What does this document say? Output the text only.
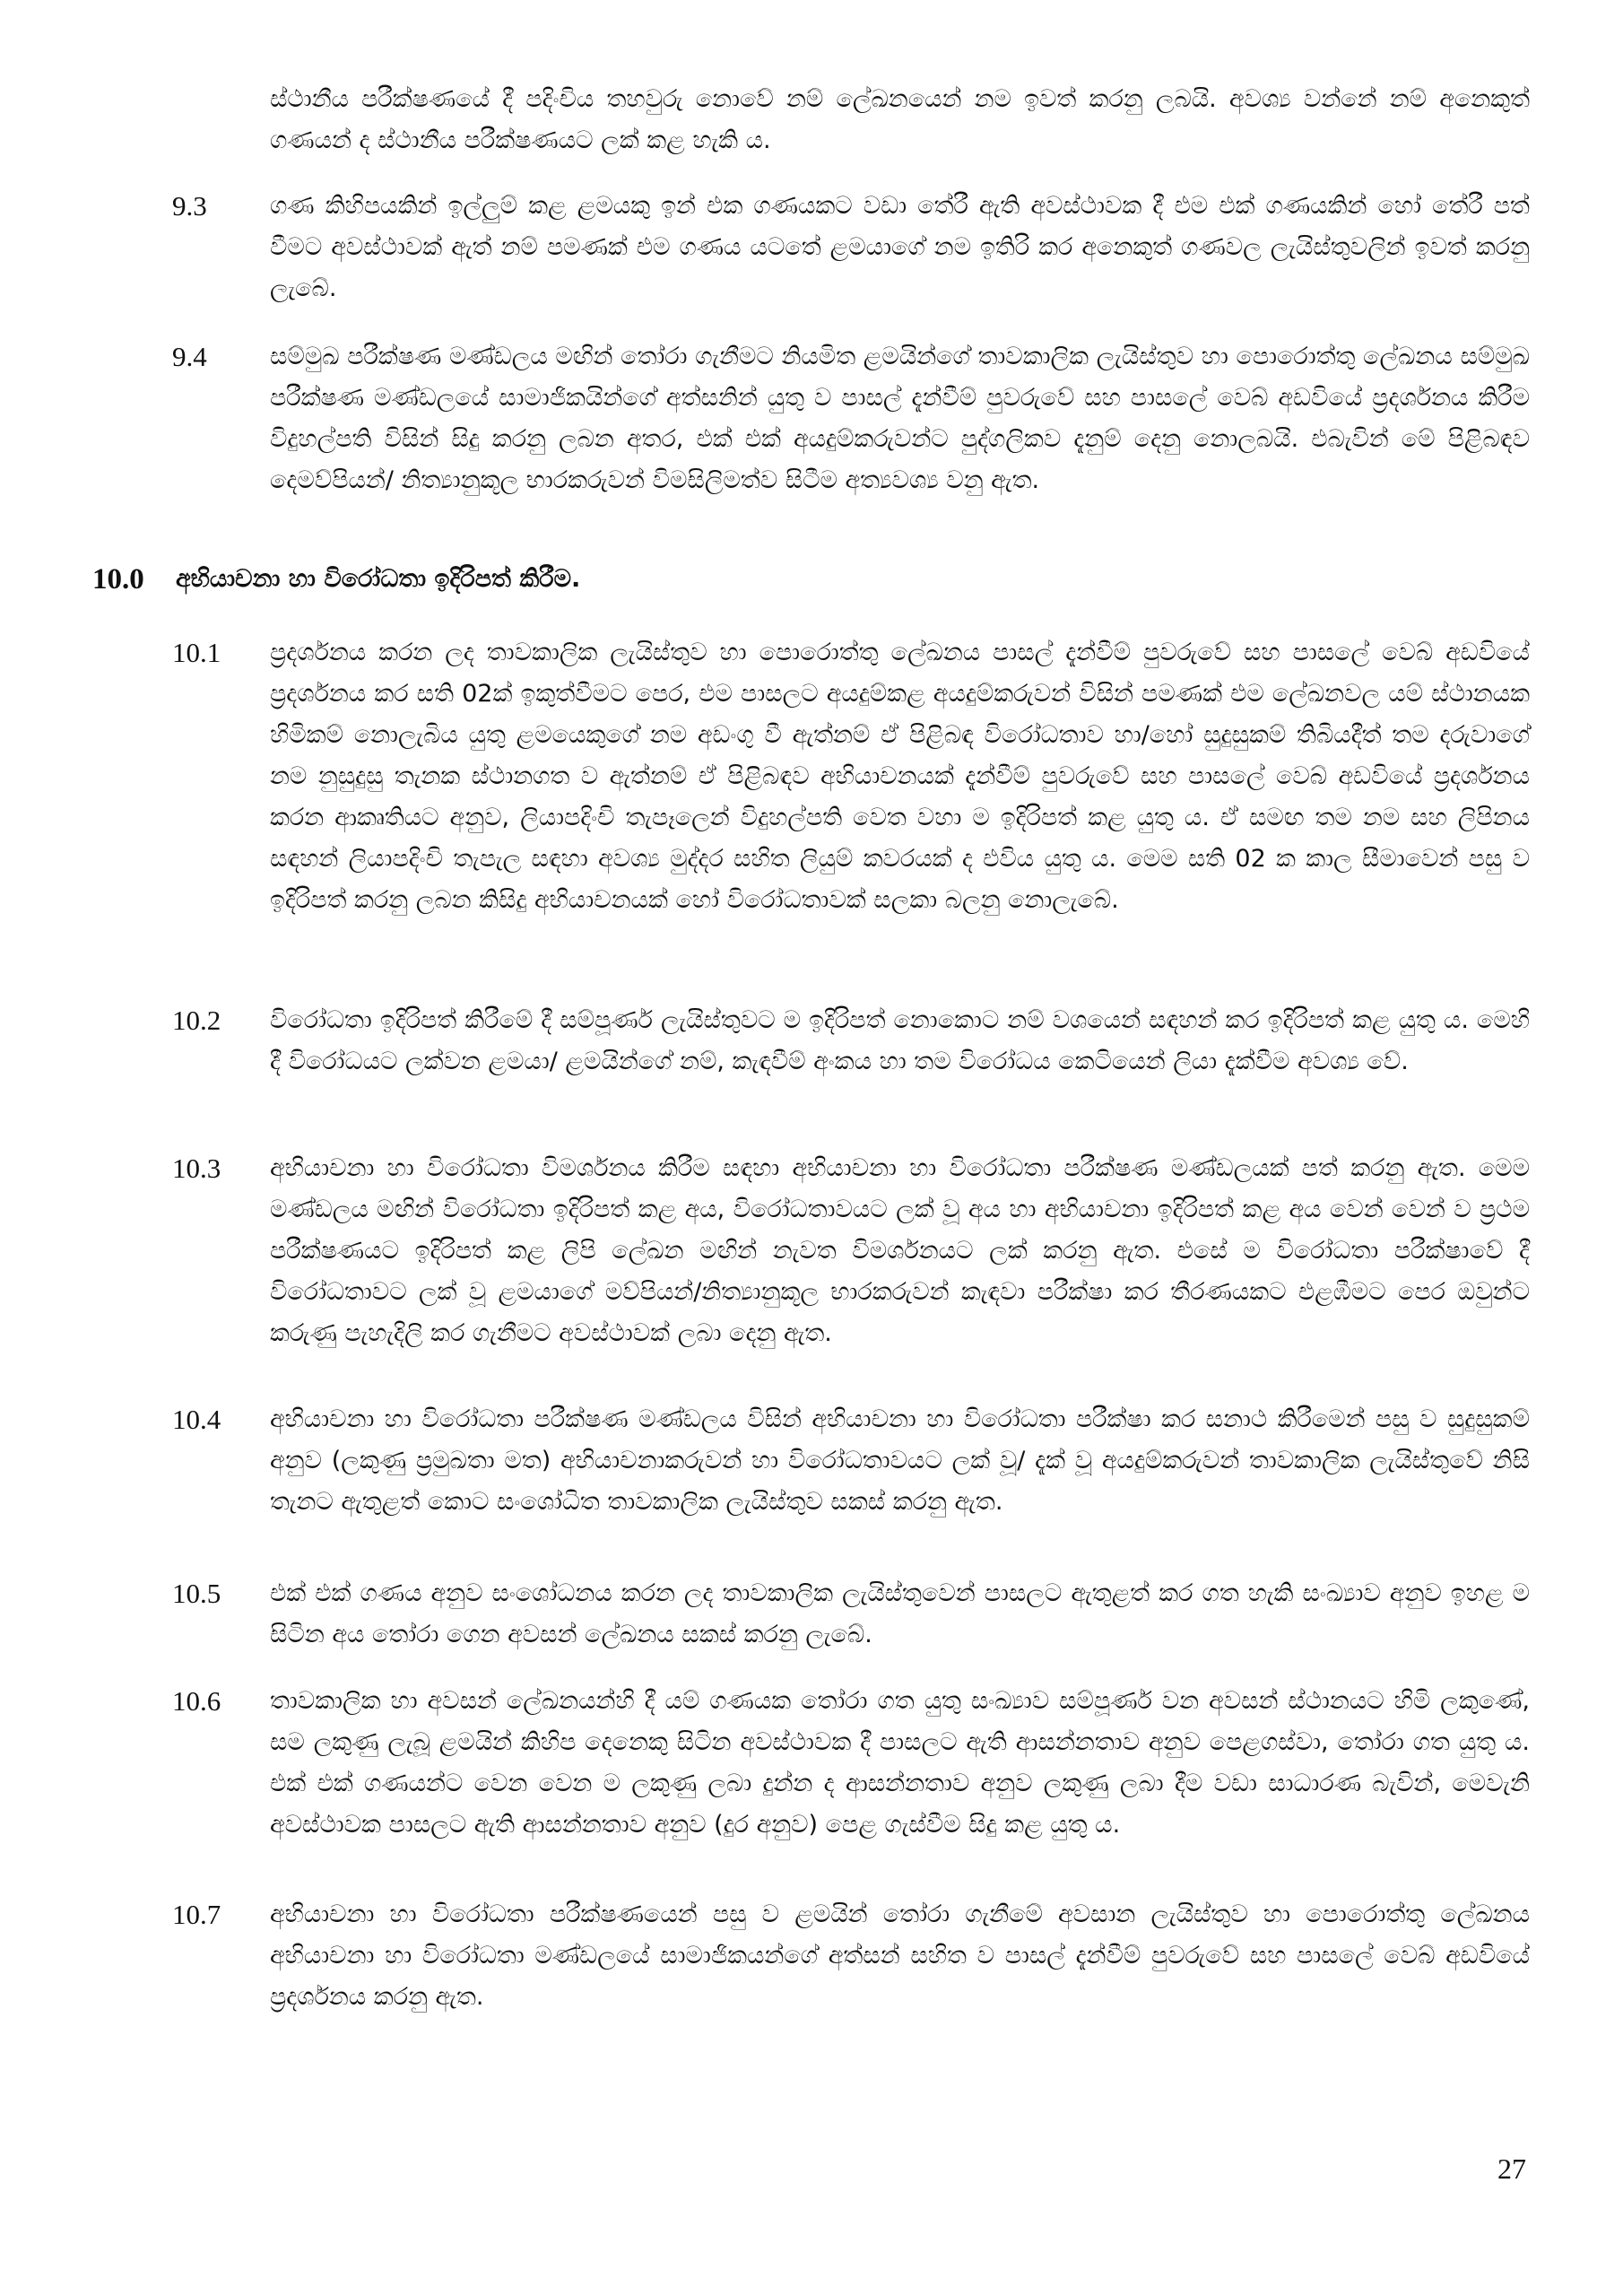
ස්ථානීය පරීක්ෂණයේ දී පදිංචිය තහවුරු නොවේ නම් ලේඛනයෙන් නම ඉවත් කරනු ලබයි. අවශ්‍ය වන්නේ නම් අනෙකුත් ගණයන් ද ස්ථානීය පරීක්ෂණයට ලක් කළ හැකි ය.

9.3	ගණ කිහිපයකින් ඉල්ලුම් කළ ළමයකු ඉන් එක ගණයකට වඩා තේරී ඇති අවස්ථාවක දී එම එක් ගණයකින් හෝ තේරී පත් වීමට අවස්ථාවක් ඇත් නම් පමණක් එම ගණය යටතේ ළමයාගේ නම ඉතිරි කර අනෙකුත් ගණවල ලැයිස්තුවලින් ඉවත් කරනු ලැබේ.

9.4	සම්මුඛ පරීක්ෂණ මණ්ඩලය මඟින් තෝරා ගැනීමට නියමිත ළමයින්ගේ තාවකාලික ලැයිස්තුව හා පොරොත්තු ලේඛනය සම්මුඛ පරීක්ෂණ මණ්ඩලයේ සාමාජිකයින්ගේ අත්සනින් යුතු ව පාසල් දැන්වීම් පුවරුවේ සහ පාසලේ වෙබ් අඩවියේ ප්‍රදර්ශනය කිරීම විදුහල්පති විසින් සිදු කරනු ලබන අතර, එක් එක් අයදුම්කරුවන්ට පුද්ගලිකව දැනුම් දෙනු නොලබයි. එබැවින් මේ පිළිබඳව දෙමව්පියන්/ නිත්‍යානුකූල භාරකරුවන් විමසිලිමත්ව සිටීම අත්‍යවශ්‍ය වනු ඇත.

10.0 අභියාචනා හා විරෝධතා ඉදිරිපත් කිරීම.

10.1 ප්‍රදර්ශනය කරන ලද තාවකාලික ලැයිස්තුව හා පොරොත්තු ලේඛනය පාසල් දැන්වීම් පුවරුවේ සහ පාසලේ වෙබ් අඩවියේ ප්‍රදර්ශනය කර සති 02ක් ඉකුත්වීමට පෙර, එම පාසලට අයදුම්කළ අයදුම්කරුවන් විසින් පමණක් එම ලේඛනවල යම් ස්ථානයක හිමිකම් නොලැබිය යුතු ළමයෙකුගේ නම අඩංගු වී ඇත්නම් ඒ පිළිබඳ විරෝධතාව හා/හෝ සුදුසුකම් තිබියදීත් තම දරුවාගේ නම නුසුදුසු තැනක ස්ථානගත ව ඇත්නම් ඒ පිළිබඳව අභියාචනයක් දැන්වීම් පුවරුවේ සහ පාසලේ වෙබ් අඩවියේ ප්‍රදර්ශනය කරන ආකෘතියට අනුව, ලියාපදිංචි තැපෑලෙන් විදුහල්පති වෙත වහා ම ඉදිරිපත් කළ යුතු ය. ඒ සමඟ තම නම සහ ලිපිනය සඳහන් ලියාපදිංචි තැපැල සඳහා අවශ්‍ය මුද්දර සහිත ලියුම් කවරයක් ද එවිය යුතු ය. මෙම සති 02 ක කාල සීමාවෙන් පසු ව ඉදිරිපත් කරනු ලබන කිසිදු අභියාචනයක් හෝ විරෝධතාවක් සලකා බලනු නොලැබේ.

10.2 විරෝධතා ඉදිරිපත් කිරීමේ දී සම්පූර්ණ ලැයිස්තුවට ම ඉදිරිපත් නොකොට නම් වශයෙන් සඳහන් කර ඉදිරිපත් කළ යුතු ය. මෙහි දී විරෝධයට ලක්වන ළමයා/ ළමයින්ගේ නම්, කැඳවීම් අංකය හා තම විරෝධය කෙටියෙන් ලියා දැක්වීම අවශ්‍ය වේ.

10.3 අභියාචනා හා විරෝධතා විමර්ශනය කිරීම සඳහා අභියාචනා හා විරෝධතා පරීක්ෂණ මණ්ඩලයක් පත් කරනු ඇත. මෙම මණ්ඩලය මඟින් විරෝධතා ඉදිරිපත් කළ අය, විරෝධතාවයට ලක් වූ අය හා අභියාචනා ඉදිරිපත් කළ අය වෙන් වෙන් ව ප්‍රථම පරීක්ෂණයට ඉදිරිපත් කළ ලිපි ලේඛන මඟින් නැවත විමර්ශනයට ලක් කරනු ඇත. එසේ ම විරෝධතා පරීක්ෂාවේ දී විරෝධතාවට ලක් වූ ළමයාගේ මව්පියන්/නිත්‍යානුකූල භාරකරුවන් කැඳවා පරීක්ෂා කර තීරණයකට එළඹීමට පෙර ඔවුන්ට කරුණු පැහැදිලි කර ගැනීමට අවස්ථාවක් ලබා දෙනු ඇත.

10.4 අභියාචනා හා විරෝධතා පරීක්ෂණ මණ්ඩලය විසින් අභියාචනා හා විරෝධතා පරීක්ෂා කර සනාථ කිරීමෙන් පසු ව සුදුසුකම් අනුව (ලකුණු ප්‍රමුඛතා මත) අභියාචනාකරුවන් හා විරෝධතාවයට ලක් වූ/ දැක් වූ අයදුම්කරුවන් තාවකාලික ලැයිස්තුවේ නිසි තැනට ඇතුළත් කොට සංශෝධිත තාවකාලික ලැයිස්තුව සකස් කරනු ඇත.

10.5 එක් එක් ගණය අනුව සංශෝධනය කරන ලද තාවකාලික ලැයිස්තුවෙන් පාසලට ඇතුළත් කර ගත හැකි සංඛ්‍යාව අනුව ඉහළ ම සිටින අය තෝරා ගෙන අවසන් ලේඛනය සකස් කරනු ලැබේ.

10.6 තාවකාලික හා අවසන් ලේඛනයන්හි දී යම් ගණයක තෝරා ගත යුතු සංඛ්‍යාව සම්පූර්ණ වන අවසන් ස්ථානයට හිමි ලකුණේ, සම ලකුණු ලැබූ ළමයින් කිහිප දෙනෙකු සිටින අවස්ථාවක දී පාසලට ඇති ආසන්නතාව අනුව පෙළගස්වා, තෝරා ගත යුතු ය. එක් එක් ගණයන්ට වෙන වෙන ම ලකුණු ලබා දුන්න ද ආසන්නතාව අනුව ලකුණු ලබා දීම වඩා සාධාරණ බැවින්, මෙවැනි අවස්ථාවක පාසලට ඇති ආසන්නතාව අනුව (දුර අනුව) පෙළ ගැස්වීම සිදු කළ යුතු ය.

10.7 අභියාචනා හා විරෝධතා පරීක්ෂණයෙන් පසු ව ළමයින් තෝරා ගැනීමේ අවසාන ලැයිස්තුව හා පොරොත්තු ලේඛනය අභියාචනා හා විරෝධතා මණ්ඩලයේ සාමාජිකයන්ගේ අත්සන් සහිත ව පාසල් දැන්වීම් පුවරුවේ සහ පාසලේ වෙබ් අඩවියේ ප්‍රදර්ශනය කරනු ඇත.

27
